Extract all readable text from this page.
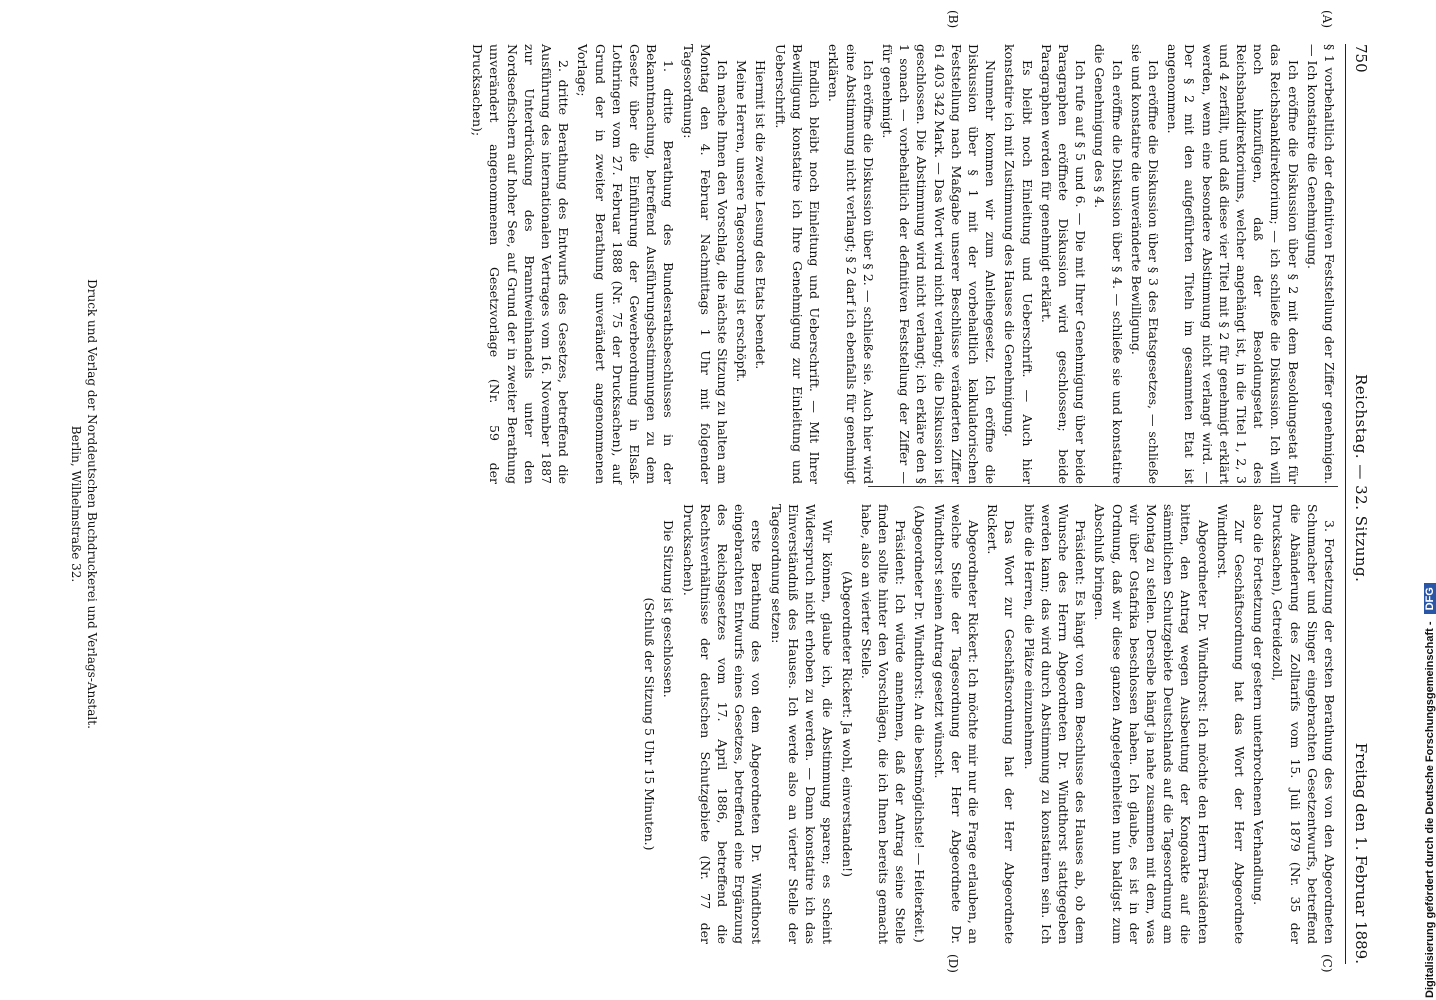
750
Reichstag. — 32. Sitzung.
Freitag den 1. Februar 1889.
(A)
(B)
(C)
(D)

§ 1 vorbehaltlich der definitiven Feststellung der Ziffer genehmigen. — Ich konstatire die Genehmigung.

Ich eröffne die Diskussion über § 2 mit dem Besoldungsetat für das Reichsbankdirektorium; — ich schließe die Diskussion. Ich will noch hinzufügen, daß der Besoldungsetat des Reichsbankdirektoriums, welcher angehängt ist, in die Titel 1, 2, 3 und 4 zerfällt, und daß diese vier Titel mit § 2 für genehmigt erklärt werden, wenn eine besondere Abstimmung nicht verlangt wird. — Der § 2 mit den aufgeführten Titeln im gesammten Etat ist angenommen.

Ich eröffne die Diskussion über § 3 des Etatsgesetzes, — schließe sie und konstatire die unveränderte Bewilligung.

Ich eröffne die Diskussion über § 4. — schließe sie und konstatire die Genehmigung des § 4.

Ich rufe auf § 5 und 6. — Die mit Ihrer Genehmigung über beide Paragraphen eröffnete Diskussion wird geschlossen; beide Paragraphen werden für genehmigt erklärt.

Es bleibt noch Einleitung und Ueberschrift. — Auch hier konstatire ich mit Zustimmung des Hauses die Genehmigung.

Nunmehr kommen wir zum Anleihegesetz. Ich eröffne die Diskussion über § 1 mit der vorbehaltlich kalkulatorischen Feststellung nach Maßgabe unserer Beschlüsse veränderten Ziffer 61 403 342 Mark. — Das Wort wird nicht verlangt; die Diskussion ist geschlossen. Die Abstimmung wird nicht verlangt; ich erkläre den § 1 sonach — vorbehaltlich der definitiven Feststellung der Ziffer — für genehmigt.

Ich eröffne die Diskussion über § 2. — schließe sie. Auch hier wird eine Abstimmung nicht verlangt; § 2 darf ich ebenfalls für genehmigt erklären.

Endlich bleibt noch Einleitung und Ueberschrift. — Mit Ihrer Bewilligung konstatire ich Ihre Genehmigung zur Einleitung und Ueberschrift.

Hiermit ist die zweite Lesung des Etats beendet.

Meine Herren, unsere Tagesordnung ist erschöpft.

Ich mache Ihnen den Vorschlag, die nächste Sitzung zu halten am Montag den 4. Februar Nachmittags 1 Uhr mit folgender Tagesordnung:

1. dritte Berathung des Bundesrathsbeschlusses in der Bekanntmachung, betreffend Ausführungsbestimmungen zu dem Gesetz über die Einführung der Gewerbeordnung in Elsaß-Lothringen vom 27. Februar 1888 (Nr. 75 der Drucksachen), auf Grund der in zweiter Berathung unverändert angenommenen Vorlage;

2. dritte Berathung des Entwurfs des Gesetzes, betreffend die Ausführung des internationalen Vertrages vom 16. November 1887 zur Unterdrückung des Branntweinhandels unter den Nordseefischern auf hoher See, auf Grund der in zweiter Berathung unverändert angenommenen Gesetzvorlage (Nr. 59 der Drucksachen);

3. Fortsetzung der ersten Berathung des von den Abgeordneten Schumacher und Singer eingebrachten Gesetzentwurfs, betreffend die Abänderung des Zolltarifs vom 15. Juli 1879 (Nr. 35 der Drucksachen), Getreidezoll,

also die Fortsetzung der gestern unterbrochenen Verhandlung.

Zur Geschäftsordnung hat das Wort der Herr Abgeordnete Windthorst.

Abgeordneter Dr. Windthorst: Ich möchte den Herrn Präsidenten bitten, den Antrag wegen Ausbeutung der Kongoakte auf die sämmtlichen Schutzgebiete Deutschlands auf die Tagesordnung am Montag zu stellen. Derselbe hängt ja nahe zusammen mit dem, was wir über Ostafrika beschlossen haben. Ich glaube, es ist in der Ordnung, daß wir diese ganzen Angelegenheiten nun baldigst zum Abschluß bringen.

Präsident: Es hängt von dem Beschlusse des Hauses ab, ob dem Wunsche des Herrn Abgeordneten Dr. Windthorst stattgegeben werden kann; das wird durch Abstimmung zu konstatiren sein. Ich bitte die Herren, die Plätze einzunehmen.

Das Wort zur Geschäftsordnung hat der Herr Abgeordnete Rickert.

Abgeordneter Rickert: Ich möchte mir nur die Frage erlauben, an welche Stelle der Tagesordnung der Herr Abgeordnete Dr. Windthorst seinen Antrag gesetzt wünscht.

(Abgeordneter Dr. Windthorst: An die bestmöglichste! — Heiterkeit.)

Präsident: Ich würde annehmen, daß der Antrag seine Stelle finden sollte hinter den Vorschlägen, die ich Ihnen bereits gemacht habe, also an vierter Stelle.

(Abgeordneter Rickert: Ja wohl, einverstanden!)

Wir können, glaube ich, die Abstimmung sparen; es scheint Widerspruch nicht erhoben zu werden. — Dann konstatire ich das Einverständniß des Hauses. Ich werde also an vierter Stelle der Tagesordnung setzen:

erste Berathung des von dem Abgeordneten Dr. Windthorst eingebrachten Entwurfs eines Gesetzes, betreffend eine Ergänzung des Reichsgesetzes vom 17. April 1886, betreffend die Rechtsverhältnisse der deutschen Schutzgebiete (Nr. 77 der Drucksachen).

Die Sitzung ist geschlossen.

(Schluß der Sitzung 5 Uhr 15 Minuten.)

Druck und Verlag der Norddeutschen Buchdruckerei und Verlags-Anstalt.
Berlin, Wilhelmstraße 32.
Digitalisierung gefördert durch die Deutsche Forschungsgemeinschaft - DFG
